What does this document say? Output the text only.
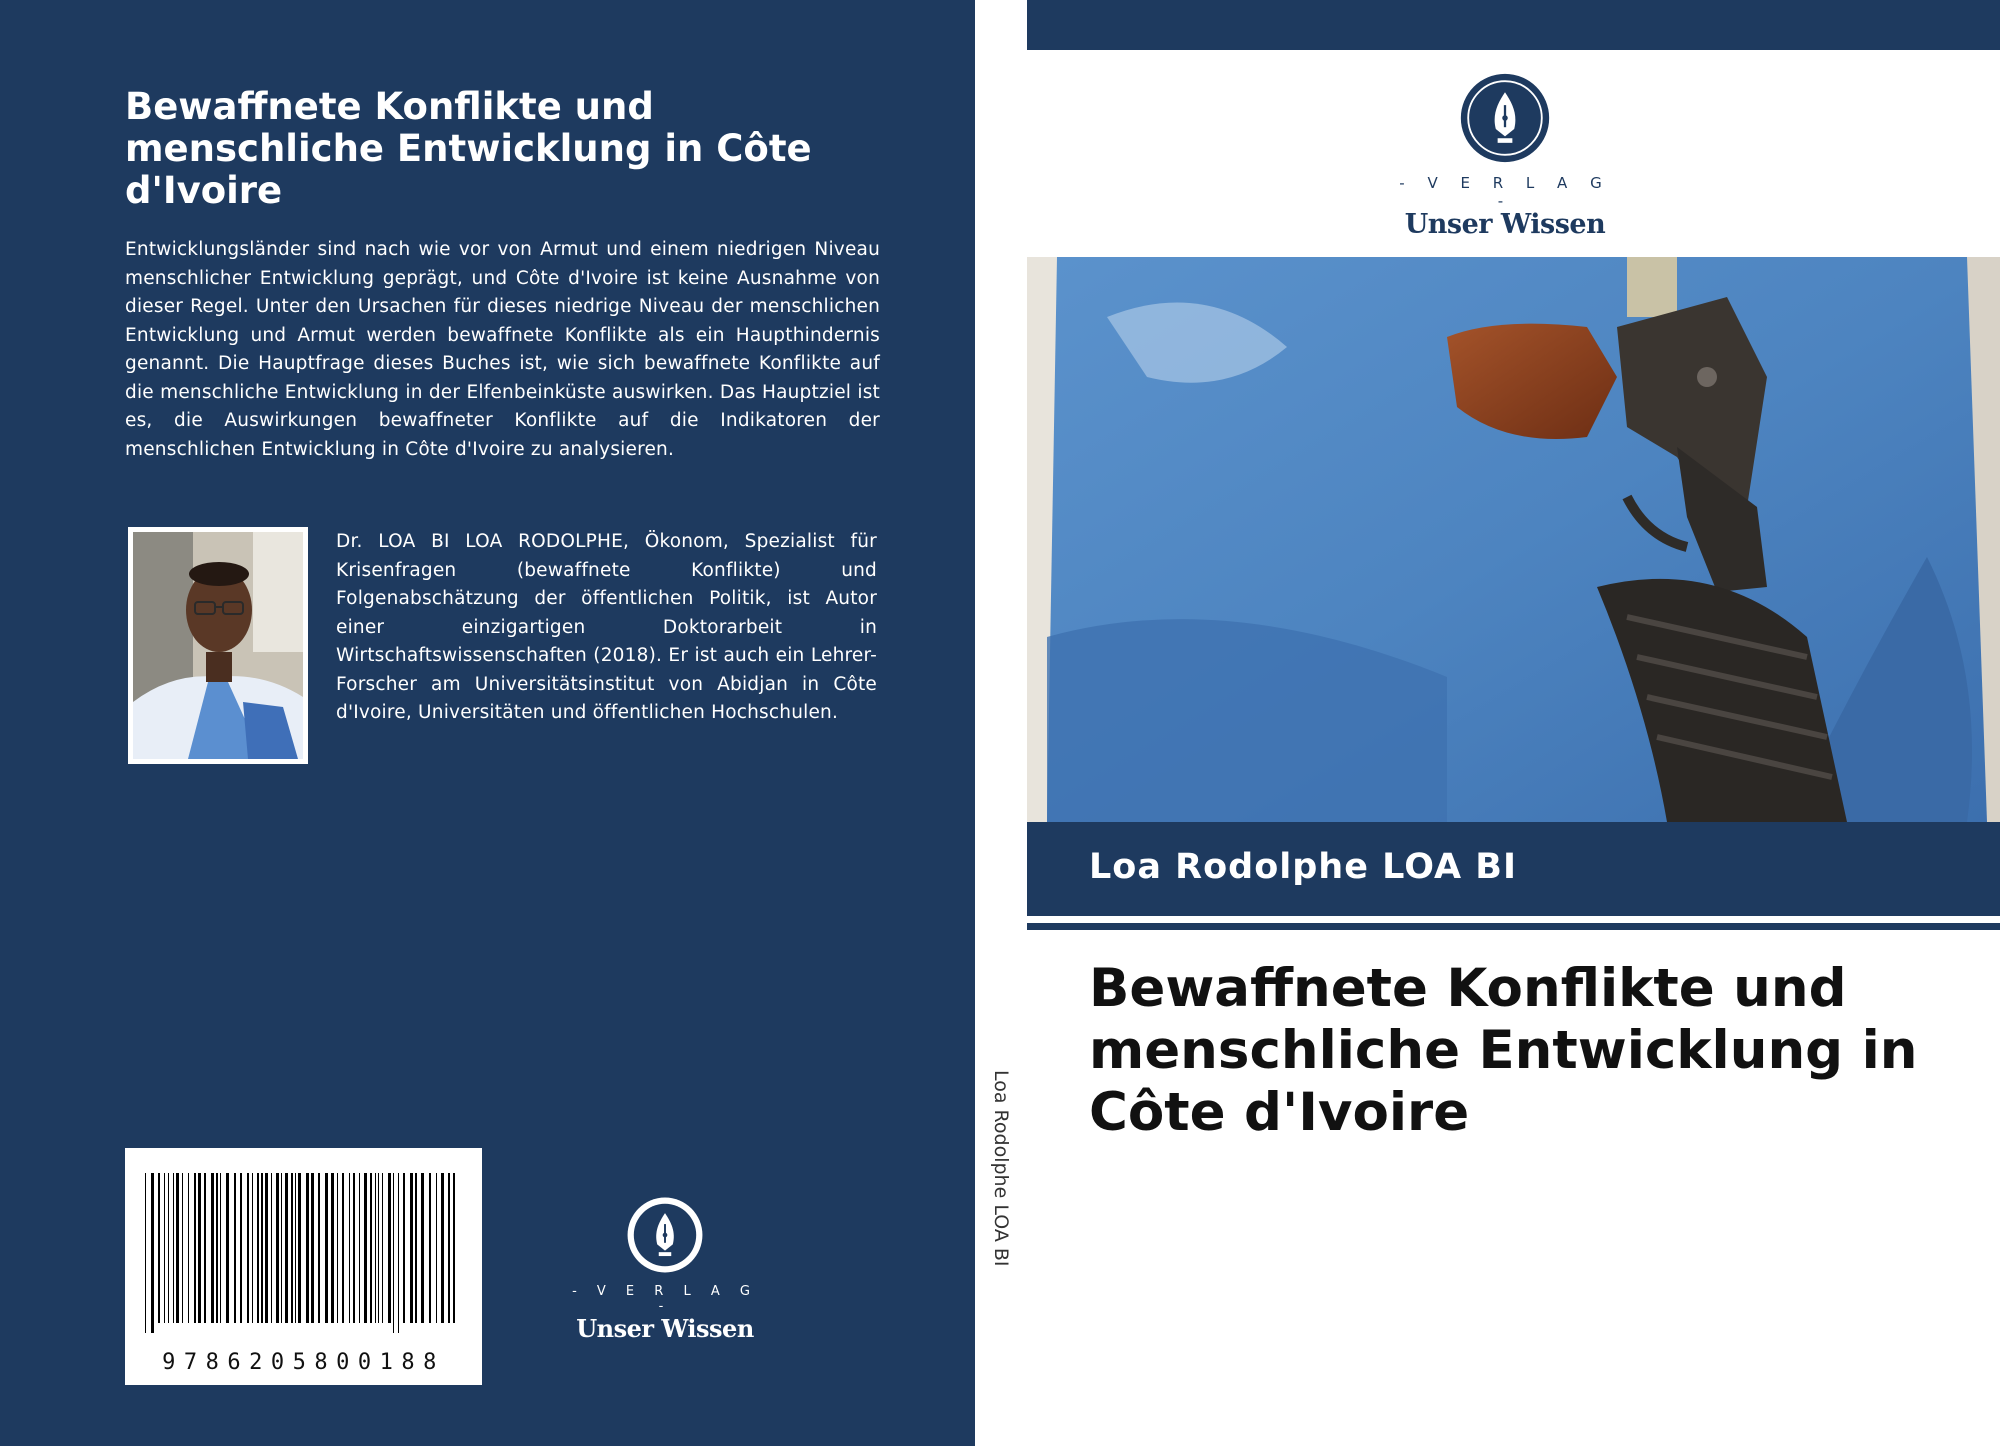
Bewaffnete Konflikte und menschliche Entwicklung in Côte d'Ivoire

Entwicklungsländer sind nach wie vor von Armut und einem niedrigen Niveau menschlicher Entwicklung geprägt, und Côte d'Ivoire ist keine Ausnahme von dieser Regel. Unter den Ursachen für dieses niedrige Niveau der menschlichen Entwicklung und Armut werden bewaffnete Konflikte als ein Haupthindernis genannt. Die Hauptfrage dieses Buches ist, wie sich bewaffnete Konflikte auf die menschliche Entwicklung in der Elfenbeinküste auswirken. Das Hauptziel ist es, die Auswirkungen bewaffneter Konflikte auf die Indikatoren der menschlichen Entwicklung in Côte d'Ivoire zu analysieren.

Dr. LOA BI LOA RODOLPHE, Ökonom, Spezialist für Krisenfragen (bewaffnete Konflikte) und Folgenabschätzung der öffentlichen Politik, ist Autor einer einzigartigen Doktorarbeit in Wirtschaftswissenschaften (2018). Er ist auch ein Lehrer-Forscher am Universitätsinstitut von Abidjan in Côte d'Ivoire, Universitäten und öffentlichen Hochschulen.

9786205800188
- V E R L A G -
Unser Wissen
Loa Rodolphe LOA BI
- V E R L A G -
Unser Wissen
Loa Rodolphe LOA BI
Bewaffnete Konflikte und menschliche Entwicklung in Côte d'Ivoire
